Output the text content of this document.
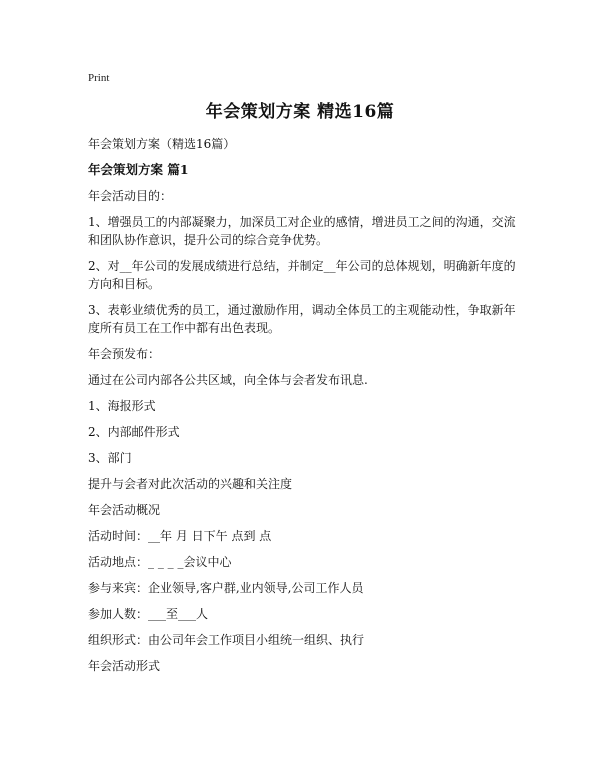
Print
年会策划方案 精选16篇

年会策划方案（精选16篇）

年会策划方案 篇1

年会活动目的：

1、增强员工的内部凝聚力，加深员工对企业的感情，增进员工之间的沟通，交流和团队协作意识，提升公司的综合竞争优势。

2、对__年公司的发展成绩进行总结，并制定__年公司的总体规划，明确新年度的方向和目标。

3、表彰业绩优秀的员工，通过激励作用，调动全体员工的主观能动性，争取新年度所有员工在工作中都有出色表现。

年会预发布：

通过在公司内部各公共区域，向全体与会者发布讯息.

1、海报形式

2、内部邮件形式

3、部门

提升与会者对此次活动的兴趣和关注度

年会活动概况

活动时间：__年 月 日下午 点到 点

活动地点：_ _ _ _会议中心

参与来宾：企业领导,客户群,业内领导,公司工作人员

参加人数：___至___人

组织形式：由公司年会工作项目小组统一组织、执行

年会活动形式
